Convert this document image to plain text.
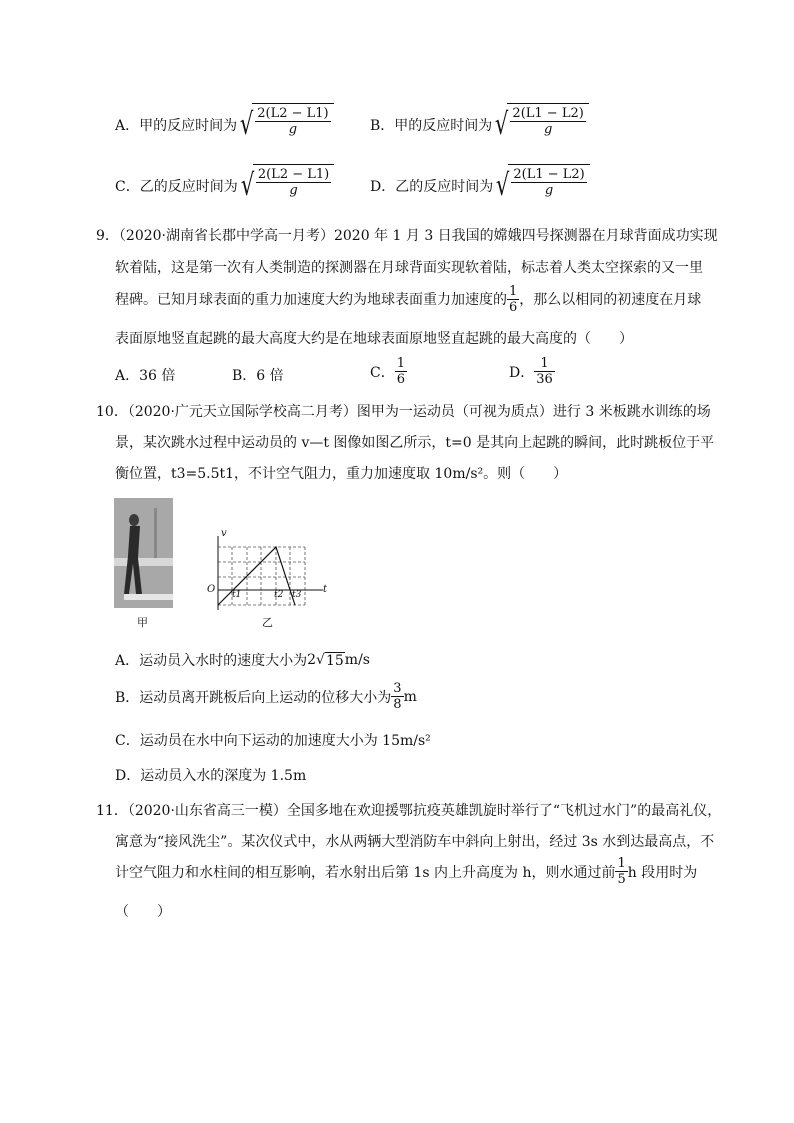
A．甲的反应时间为 √ $\frac{2(L2 - L1)}{g}$	B．甲的反应时间为 √ $\frac{2(L1 - L2)}{g}$
C．乙的反应时间为 √ $\frac{2(L2 - L1)}{g}$	D．乙的反应时间为 √ $\frac{2(L1 - L2)}{g}$
9．（2020·湖南省长郡中学高一月考）2020 年 1 月 3 日我国的嫦娥四号探测器在月球背面成功实现
软着陆，这是第一次有人类制造的探测器在月球背面实现软着陆，标志着人类太空探索的又一里
程碑。已知月球表面的重力加速度大约为地球表面重力加速度的 $\frac{1}{6}$ ，那么以相同的初速度在月球
表面原地竖直起跳的最大高度大约是在地球表面原地竖直起跳的最大高度的（　　）
A．36 倍	B．6 倍	C． $\frac{1}{6}$	D． $\frac{1}{36}$
10．（2020·广元天立国际学校高二月考）图甲为一运动员（可视为质点）进行 3 米板跳水训练的场
景，某次跳水过程中运动员的 v—t 图像如图乙所示，t=0 是其向上起跳的瞬间，此时跳板位于平
衡位置，t3=5.5t1，不计空气阻力，重力加速度取 10m/s²。则（　　）
甲
v
t
O t1	t2 t3
乙
A．运动员入水时的速度大小为 2 √ 15 m/s
B．运动员离开跳板后向上运动的位移大小为 $\frac{3}{8}$ m
C．运动员在水中向下运动的加速度大小为 15m/s²
D．运动员入水的深度为 1.5m
11．（2020·山东省高三一模）全国多地在欢迎援鄂抗疫英雄凯旋时举行了“飞机过水门”的最高礼仪，
寓意为“接风洗尘”。某次仪式中，水从两辆大型消防车中斜向上射出，经过 3s 水到达最高点，不
计空气阻力和水柱间的相互影响，若水射出后第 1s 内上升高度为 h，则水通过前 $\frac{1}{5}$ h 段用时为
（　　）
